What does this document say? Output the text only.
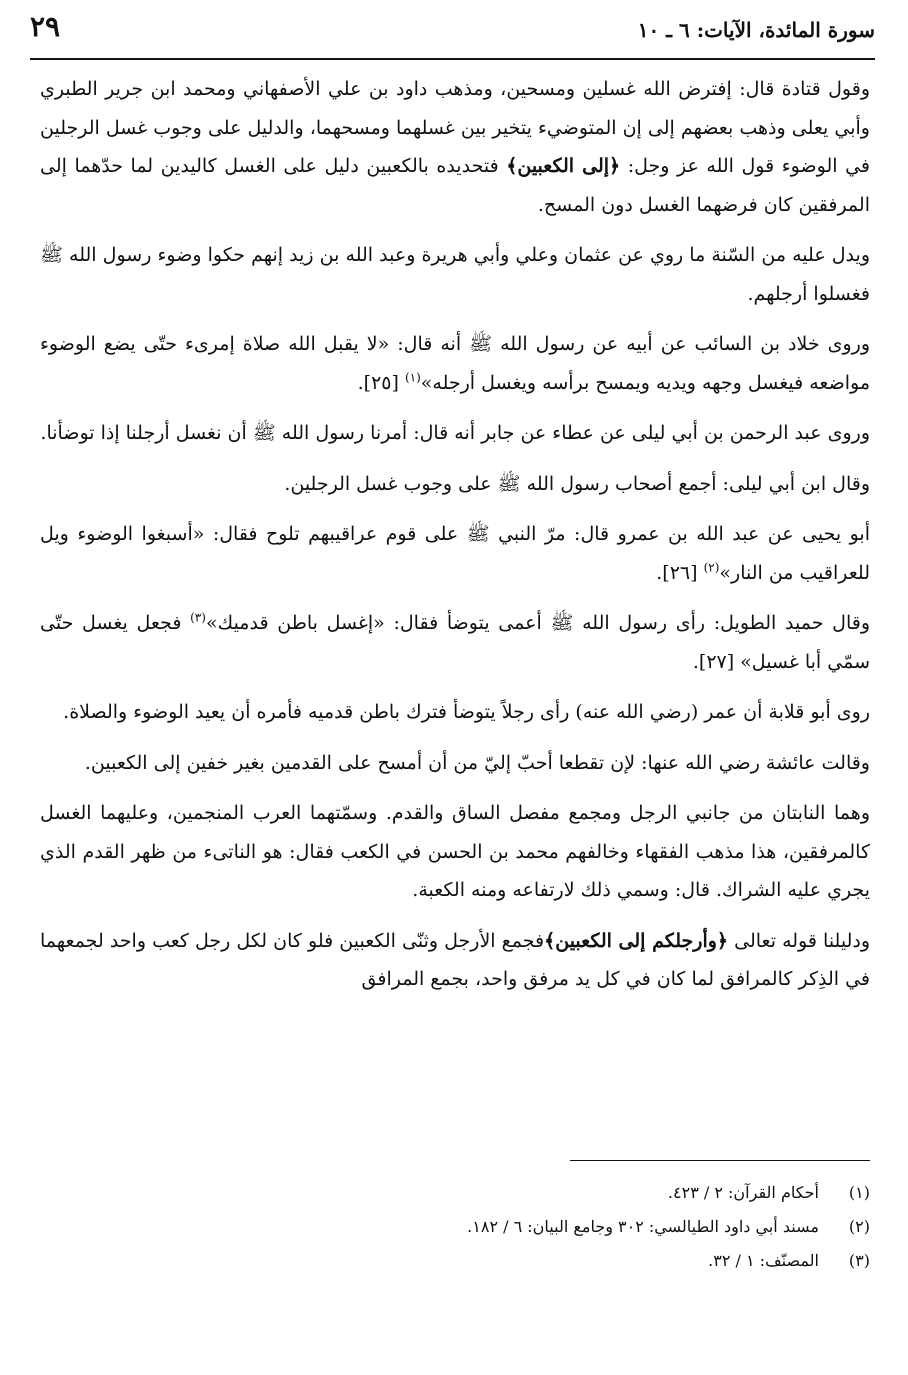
سورة المائدة، الآيات: ٦ ـ ١٠
٢٩

وقول قتادة قال: إفترض الله غسلين ومسحين، ومذهب داود بن علي الأصفهاني ومحمد ابن جرير الطبري وأبي يعلى وذهب بعضهم إلى إن المتوضيء يتخير بين غسلهما ومسحهما، والدليل على وجوب غسل الرجلين في الوضوء قول الله عز وجل: ﴿إلى الكعبين﴾ فتحديده بالكعبين دليل على الغسل كاليدين لما حدّهما إلى المرفقين كان فرضهما الغسل دون المسح.

ويدل عليه من السّنة ما روي عن عثمان وعلي وأبي هريرة وعبد الله بن زيد إنهم حكوا وضوء رسول الله ﷺ فغسلوا أرجلهم.

وروى خلاد بن السائب عن أبيه عن رسول الله ﷺ أنه قال: «لا يقبل الله صلاة إمرىء حتّى يضع الوضوء مواضعه فيغسل وجهه ويديه ويمسح برأسه ويغسل أرجله»$^{(١)}$ [٢٥].

وروى عبد الرحمن بن أبي ليلى عن عطاء عن جابر أنه قال: أمرنا رسول الله ﷺ أن نغسل أرجلنا إذا توضأنا.

وقال ابن أبي ليلى: أجمع أصحاب رسول الله ﷺ على وجوب غسل الرجلين.

أبو يحيى عن عبد الله بن عمرو قال: مرّ النبي ﷺ على قوم عراقيبهم تلوح فقال: «أسبغوا الوضوء ويل للعراقيب من النار»$^{(٢)}$ [٢٦].

وقال حميد الطويل: رأى رسول الله ﷺ أعمى يتوضأ فقال: «إغسل باطن قدميك»$^{(٣)}$ فجعل يغسل حتّى سمّي أبا غسيل» [٢٧].

روى أبو قلابة أن عمر (رضي الله عنه) رأى رجلاً يتوضأ فترك باطن قدميه فأمره أن يعيد الوضوء والصلاة.

وقالت عائشة رضي الله عنها: لإن تقطعا أحبّ إليّ من أن أمسح على القدمين بغير خفين إلى الكعبين.

وهما النابتان من جانبي الرجل ومجمع مفصل الساق والقدم. وسمّتهما العرب المنجمين، وعليهما الغسل كالمرفقين، هذا مذهب الفقهاء وخالفهم محمد بن الحسن في الكعب فقال: هو الناتىء من ظهر القدم الذي يجري عليه الشراك. قال: وسمي ذلك لارتفاعه ومنه الكعبة.

ودليلنا قوله تعالى ﴿وأرجلكم إلى الكعبين﴾فجمع الأرجل وثنّى الكعبين فلو كان لكل رجل كعب واحد لجمعهما في الذِكر كالمرافق لما كان في كل يد مرفق واحد، بجمع المرافق

(١) أحكام القرآن: ٢ / ٤٢٣.
(٢) مسند أبي داود الطيالسي: ٣٠٢ وجامع البيان: ٦ / ١٨٢.
(٣) المصنّف: ١ / ٣٢.
